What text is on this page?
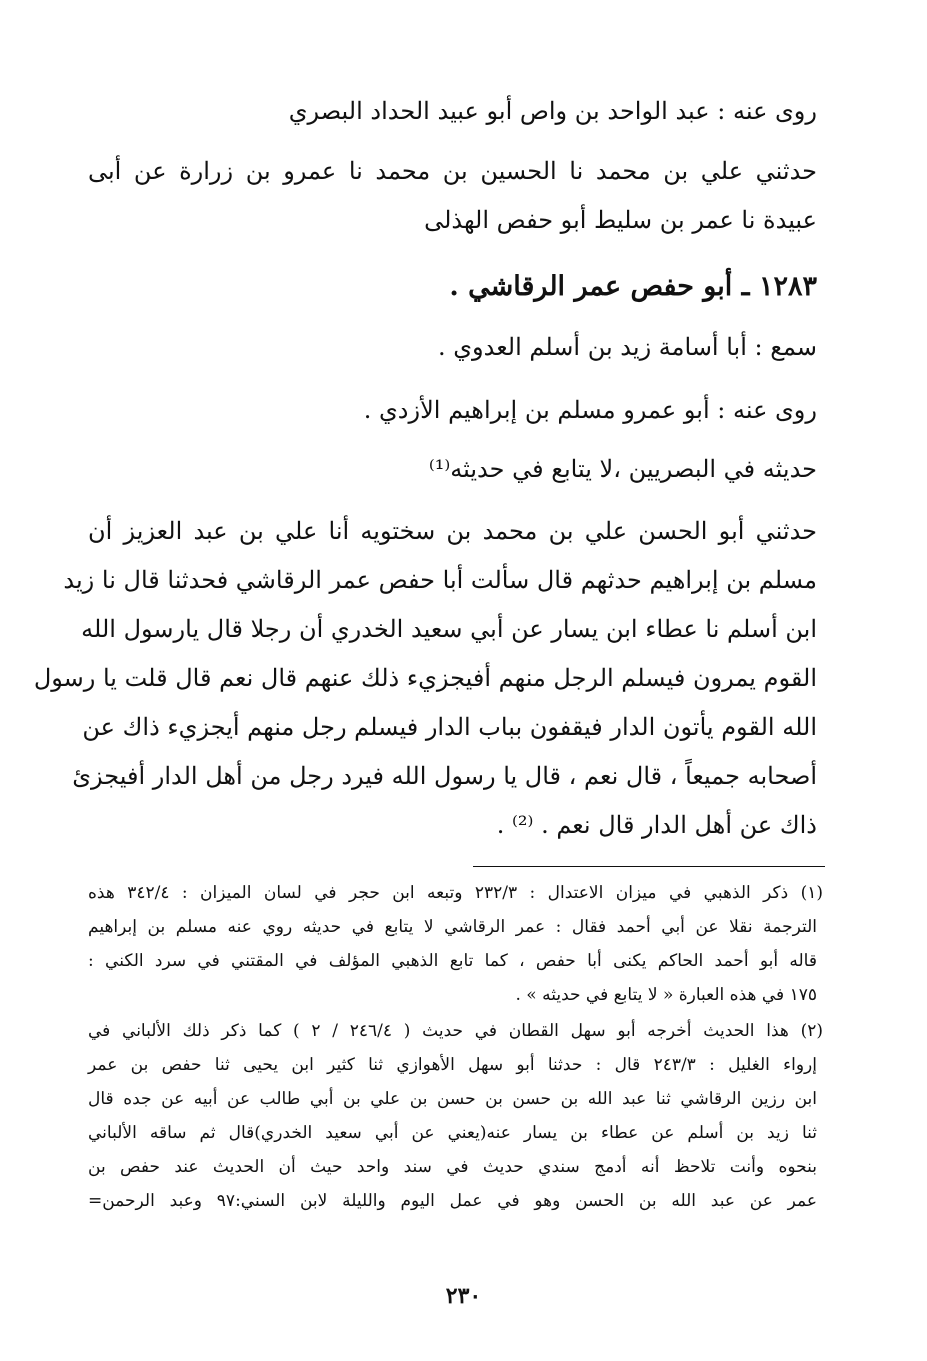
روى عنه : عبد الواحد بن واص أبو عبيد الحداد البصري
حدثني علي بن محمد نا الحسين بن محمد نا عمرو بن زرارة عن أبى
عبيدة نا عمر بن سليط أبو حفص الهذلى
١٢٨٣ ـ أبو حفص عمر الرقاشي .
سمع : أبا أسامة زيد بن أسلم العدوي .
روى عنه : أبو عمرو مسلم بن إبراهيم الأزدي .
حديثه في البصريين ،لا يتابع في حديثه⁽¹⁾
حدثني أبو الحسن علي بن محمد بن سختويه أنا علي بن عبد العزيز أن
مسلم بن إبراهيم حدثهم قال سألت أبا حفص عمر الرقاشي فحدثنا قال نا زيد
ابن أسلم نا عطاء ابن يسار عن أبي سعيد الخدري أن رجلا قال يارسول الله
القوم يمرون فيسلم الرجل منهم أفيجزيء ذلك عنهم قال نعم قال قلت يا رسول
الله القوم يأتون الدار فيقفون بباب الدار فيسلم رجل منهم أيجزيء ذاك عن
أصحابه جميعاً ، قال نعم ، قال يا رسول الله فيرد رجل من أهل الدار أفيجزئ
ذاك عن أهل الدار قال نعم . ⁽²⁾ .
(١) ذكر الذهبي في ميزان الاعتدال : ٢٣٢/٣ وتبعه ابن حجر في لسان الميزان : ٣٤٢/٤ هذه
الترجمة نقلا عن أبي أحمد فقال : عمر الرقاشي لا يتابع في حديثه روي عنه مسلم بن إبراهيم
قاله أبو أحمد الحاكم يكنى أبا حفص ، كما تابع الذهبي المؤلف في المقتني في سرد الكني :
١٧٥ في هذه العبارة « لا يتابع في حديثه » .
(٢) هذا الحديث أخرجه أبو سهل القطان في حديث ( ٢٤٦/٤ / ٢ ) كما ذكر ذلك الألباني في
إرواء الغليل : ٢٤٣/٣ قال : حدثنا أبو سهل الأهوازي ثنا كثير ابن يحيى ثنا حفص بن عمر
ابن رزين الرقاشي ثنا عبد الله بن حسن بن حسن بن علي بن أبي طالب عن أبيه عن جده قال
ثنا زيد بن أسلم عن عطاء بن يسار عنه(يعني عن أبي سعيد الخدري)قال ثم ساقه الألباني
بنحوه وأنت تلاحظ أنه أدمج سندي حديث في سند واحد حيث أن الحديث عند حفص بن
عمر عن عبد الله بن الحسن وهو في عمل اليوم والليلة لابن السني:٩٧ وعبد الرحمن=
٢٣٠
